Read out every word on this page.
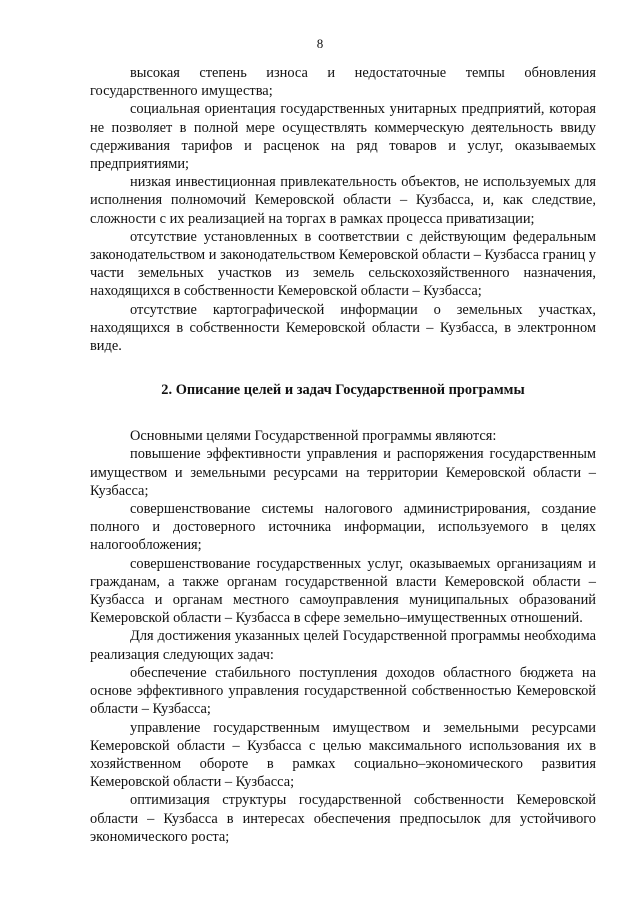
8

высокая степень износа и недостаточные темпы обновления государственного имущества;

социальная ориентация государственных унитарных предприятий, которая не позволяет в полной мере осуществлять коммерческую деятельность ввиду сдерживания тарифов и расценок на ряд товаров и услуг, оказываемых предприятиями;

низкая инвестиционная привлекательность объектов, не используемых для исполнения полномочий Кемеровской области – Кузбасса, и, как следствие, сложности с их реализацией на торгах в рамках процесса приватизации;

отсутствие установленных в соответствии с действующим федеральным законодательством и законодательством Кемеровской области – Кузбасса границ у части земельных участков из земель сельскохозяйственного назначения, находящихся в собственности Кемеровской области – Кузбасса;

отсутствие картографической информации о земельных участках, находящихся в собственности Кемеровской области – Кузбасса, в электронном виде.

2. Описание целей и задач Государственной программы

Основными целями Государственной программы являются:

повышение эффективности управления и распоряжения государственным имуществом и земельными ресурсами на территории Кемеровской области – Кузбасса;

совершенствование системы налогового администрирования, создание полного и достоверного источника информации, используемого в целях налогообложения;

совершенствование государственных услуг, оказываемых организациям и гражданам, а также органам государственной власти Кемеровской области – Кузбасса и органам местного самоуправления муниципальных образований Кемеровской области – Кузбасса в сфере земельно–имущественных отношений.

Для достижения указанных целей Государственной программы необходима реализация следующих задач:

обеспечение стабильного поступления доходов областного бюджета на основе эффективного управления государственной собственностью Кемеровской области – Кузбасса;

управление государственным имуществом и земельными ресурсами Кемеровской области – Кузбасса с целью максимального использования их в хозяйственном обороте в рамках социально–экономического развития Кемеровской области – Кузбасса;

оптимизация структуры государственной собственности Кемеровской области – Кузбасса в интересах обеспечения предпосылок для устойчивого экономического роста;
